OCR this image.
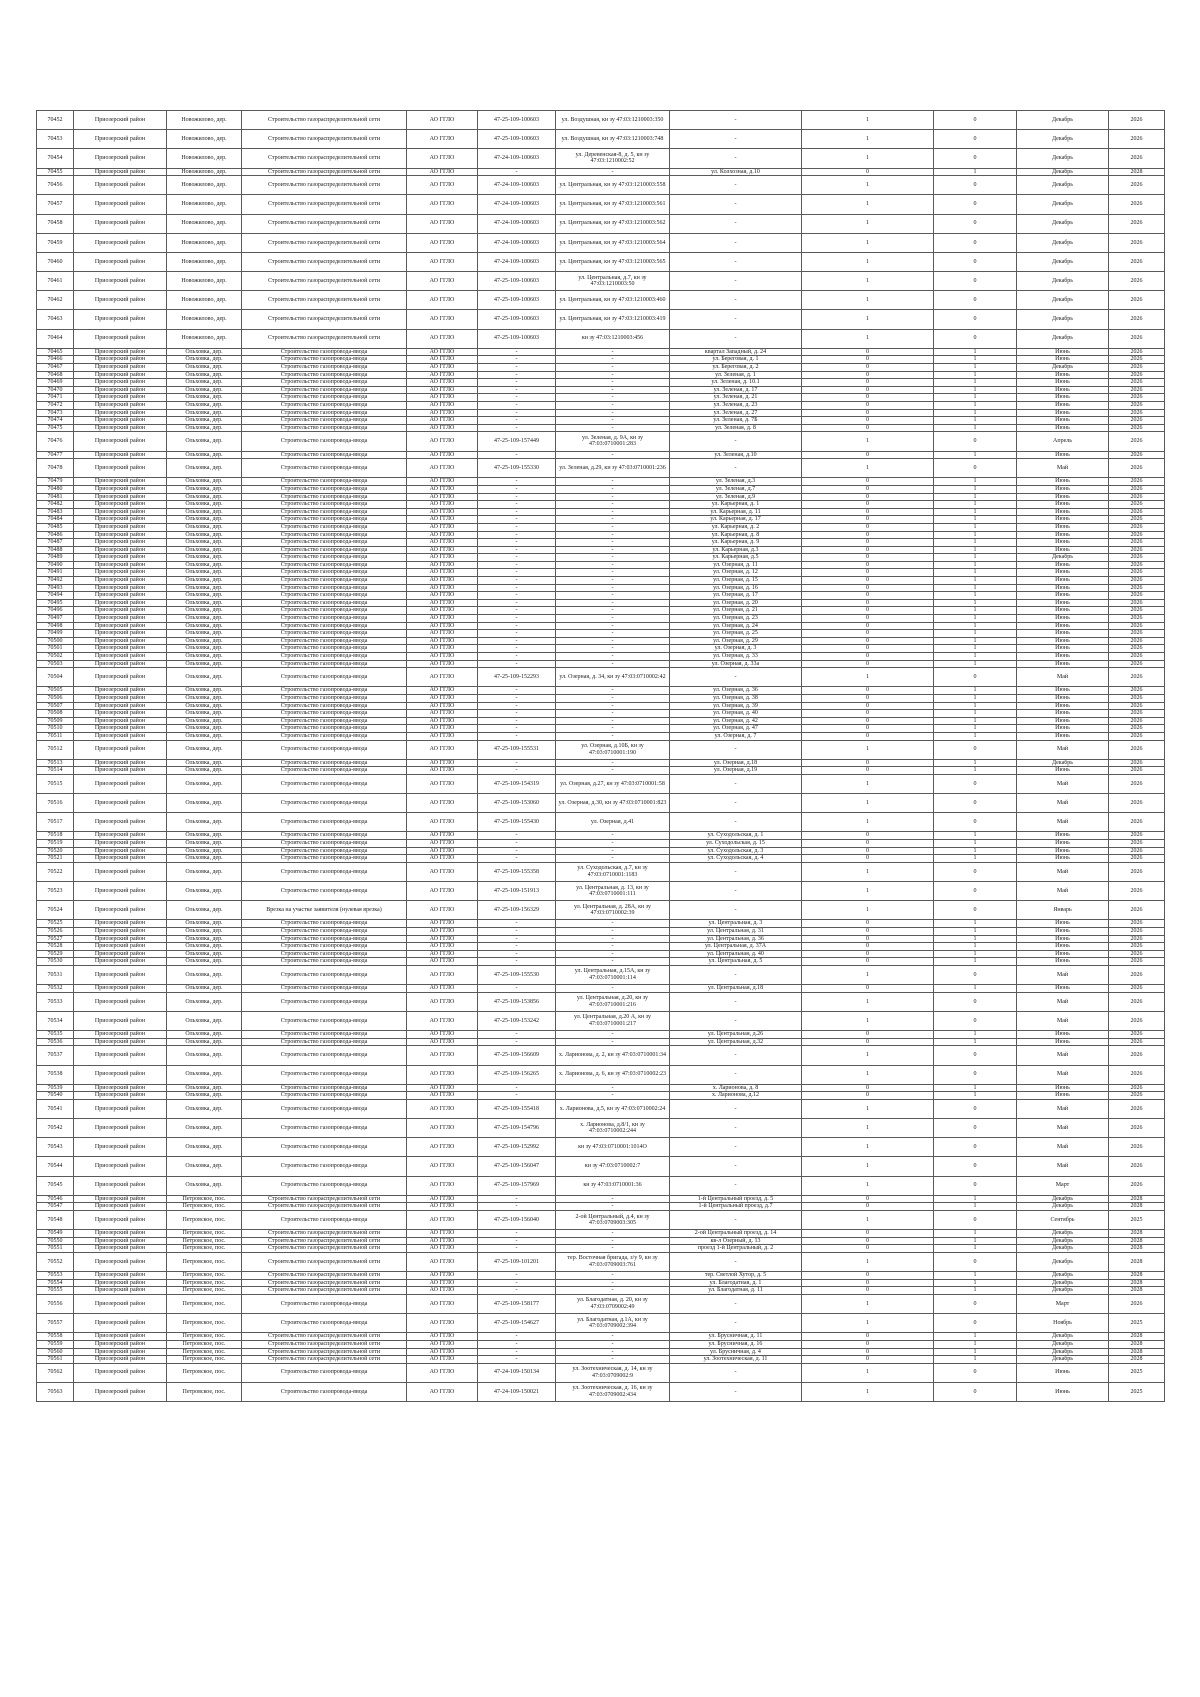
70452	Приозерский район	Новожилово, дер.	Строительство газораспределительной сети	АО ГГЛО	47-25-109-100603	ул. Воздушная, кн зу 47:03:1210003:350	-	1	0	Декабрь	2026
70453	Приозерский район	Новожилово, дер.	Строительство газораспределительной сети	АО ГГЛО	47-25-109-100603	ул. Воздушная, кн зу 47:03:1210003:748	-	1	0	Декабрь	2026
70454	Приозерский район	Новожилово, дер.	Строительство газораспределительной сети	АО ГГЛО	47-24-109-100603	ул. Деревенская-8, д. 5, кн зу 47:03:1210002:52	-	1	0	Декабрь	2026
70455	Приозерский район	Новожилово, дер.	Строительство газораспределительной сети	АО ГГЛО	-	-	ул. Колхозная, д.10	0	1	Декабрь	2028
70456	Приозерский район	Новожилово, дер.	Строительство газораспределительной сети	АО ГГЛО	47-24-109-100603	ул. Центральная, кн зу 47:03:1210003:558	-	1	0	Декабрь	2026
70457	Приозерский район	Новожилово, дер.	Строительство газораспределительной сети	АО ГГЛО	47-24-109-100603	ул. Центральная, кн зу 47:03:1210003:561	-	1	0	Декабрь	2026
70458	Приозерский район	Новожилово, дер.	Строительство газораспределительной сети	АО ГГЛО	47-24-109-100603	ул. Центральная, кн зу 47:03:1210003:562	-	1	0	Декабрь	2026
70459	Приозерский район	Новожилово, дер.	Строительство газораспределительной сети	АО ГГЛО	47-24-109-100603	ул. Центральная, кн зу 47:03:1210003:564	-	1	0	Декабрь	2026
70460	Приозерский район	Новожилово, дер.	Строительство газораспределительной сети	АО ГГЛО	47-24-109-100603	ул. Центральная, кн зу 47:03:1210003:565	-	1	0	Декабрь	2026
70461	Приозерский район	Новожилово, дер.	Строительство газораспределительной сети	АО ГГЛО	47-25-109-100603	ул. Центральная, д.7, кн зу 47:03:1210003:50	-	1	0	Декабрь	2026
70462	Приозерский район	Новожилово, дер.	Строительство газораспределительной сети	АО ГГЛО	47-25-109-100603	ул. Центральная, кн зу 47:03:1210003:460	-	1	0	Декабрь	2026
70463	Приозерский район	Новожилово, дер.	Строительство газораспределительной сети	АО ГГЛО	47-25-109-100603	ул. Центральная, кн зу 47:03:1210003:419	-	1	0	Декабрь	2026
70464	Приозерский район	Новожилово, дер.	Строительство газораспределительной сети	АО ГГЛО	47-25-109-100603	кн зу 47:03:1210003:456	-	1	0	Декабрь	2026
70465	Приозерский район	Ольховка, дер.	Строительство газопровода-ввода	АО ГГЛО	-	-	квартал Западный, д. 24	0	1	Июнь	2026
70466	Приозерский район	Ольховка, дер.	Строительство газопровода-ввода	АО ГГЛО	-	-	ул. Береговая, д. 1	0	1	Июнь	2026
70467	Приозерский район	Ольховка, дер.	Строительство газопровода-ввода	АО ГГЛО	-	-	ул. Береговая, д. 2	0	1	Декабрь	2026
70468	Приозерский район	Ольховка, дер.	Строительство газопровода-ввода	АО ГГЛО	-	-	ул. Зеленая, д. 1	0	1	Июнь	2026
70469	Приозерский район	Ольховка, дер.	Строительство газопровода-ввода	АО ГГЛО	-	-	ул. Зеленая, д. 10.1	0	1	Июнь	2026
70470	Приозерский район	Ольховка, дер.	Строительство газопровода-ввода	АО ГГЛО	-	-	ул. Зеленая, д. 17	0	1	Июнь	2026
70471	Приозерский район	Ольховка, дер.	Строительство газопровода-ввода	АО ГГЛО	-	-	ул. Зеленая, д. 21	0	1	Июнь	2026
70472	Приозерский район	Ольховка, дер.	Строительство газопровода-ввода	АО ГГЛО	-	-	ул. Зеленая, д. 23	0	1	Июнь	2026
70473	Приозерский район	Ольховка, дер.	Строительство газопровода-ввода	АО ГГЛО	-	-	ул. Зеленая, д. 27	0	1	Июнь	2026
70474	Приозерский район	Ольховка, дер.	Строительство газопровода-ввода	АО ГГЛО	-	-	ул. Зеленая, д. 7Б	0	1	Июнь	2026
70475	Приозерский район	Ольховка, дер.	Строительство газопровода-ввода	АО ГГЛО	-	-	ул. Зеленая, д. 8	0	1	Июнь	2026
70476	Приозерский район	Ольховка, дер.	Строительство газопровода-ввода	АО ГГЛО	47-25-109-157449	ул. Зеленая, д. 9А, кн зу 47:03:0710001:283	-	1	0	Апрель	2026
70477	Приозерский район	Ольховка, дер.	Строительство газопровода-ввода	АО ГГЛО	-	-	ул. Зеленая, д.10	0	1	Июнь	2026
70478	Приозерский район	Ольховка, дер.	Строительство газопровода-ввода	АО ГГЛО	47-25-109-155330	ул. Зеленая, д.29, кн зу 47:03:0710001:236	-	1	0	Май	2026
70479	Приозерский район	Ольховка, дер.	Строительство газопровода-ввода	АО ГГЛО	-	-	ул. Зеленая, д.3	0	1	Июнь	2026
70480	Приозерский район	Ольховка, дер.	Строительство газопровода-ввода	АО ГГЛО	-	-	ул. Зеленая, д.7	0	1	Июнь	2026
70481	Приозерский район	Ольховка, дер.	Строительство газопровода-ввода	АО ГГЛО	-	-	ул. Зеленая, д.9	0	1	Июнь	2026
70482	Приозерский район	Ольховка, дер.	Строительство газопровода-ввода	АО ГГЛО	-	-	ул. Карьерная, д. 1	0	1	Июнь	2026
70483	Приозерский район	Ольховка, дер.	Строительство газопровода-ввода	АО ГГЛО	-	-	ул. Карьерная, д. 11	0	1	Июнь	2026
70484	Приозерский район	Ольховка, дер.	Строительство газопровода-ввода	АО ГГЛО	-	-	ул. Карьерная, д. 17	0	1	Июнь	2026
70485	Приозерский район	Ольховка, дер.	Строительство газопровода-ввода	АО ГГЛО	-	-	ул. Карьерная, д. 2	0	1	Июнь	2026
70486	Приозерский район	Ольховка, дер.	Строительство газопровода-ввода	АО ГГЛО	-	-	ул. Карьерная, д. 8	0	1	Июнь	2026
70487	Приозерский район	Ольховка, дер.	Строительство газопровода-ввода	АО ГГЛО	-	-	ул. Карьерная, д. 9	0	1	Июнь	2026
70488	Приозерский район	Ольховка, дер.	Строительство газопровода-ввода	АО ГГЛО	-	-	ул. Карьерная, д.3	0	1	Июнь	2026
70489	Приозерский район	Ольховка, дер.	Строительство газопровода-ввода	АО ГГЛО	-	-	ул. Карьерная, д.5	0	1	Декабрь	2026
70490	Приозерский район	Ольховка, дер.	Строительство газопровода-ввода	АО ГГЛО	-	-	ул. Озерная, д. 11	0	1	Июнь	2026
70491	Приозерский район	Ольховка, дер.	Строительство газопровода-ввода	АО ГГЛО	-	-	ул. Озерная, д. 12	0	1	Июнь	2026
70492	Приозерский район	Ольховка, дер.	Строительство газопровода-ввода	АО ГГЛО	-	-	ул. Озерная, д. 15	0	1	Июнь	2026
70493	Приозерский район	Ольховка, дер.	Строительство газопровода-ввода	АО ГГЛО	-	-	ул. Озерная, д. 16	0	1	Июнь	2026
70494	Приозерский район	Ольховка, дер.	Строительство газопровода-ввода	АО ГГЛО	-	-	ул. Озерная, д. 17	0	1	Июнь	2026
70495	Приозерский район	Ольховка, дер.	Строительство газопровода-ввода	АО ГГЛО	-	-	ул. Озерная, д. 20	0	1	Июнь	2026
70496	Приозерский район	Ольховка, дер.	Строительство газопровода-ввода	АО ГГЛО	-	-	ул. Озерная, д. 21	0	1	Июнь	2026
70497	Приозерский район	Ольховка, дер.	Строительство газопровода-ввода	АО ГГЛО	-	-	ул. Озерная, д. 23	0	1	Июнь	2026
70498	Приозерский район	Ольховка, дер.	Строительство газопровода-ввода	АО ГГЛО	-	-	ул. Озерная, д. 24	0	1	Июнь	2026
70499	Приозерский район	Ольховка, дер.	Строительство газопровода-ввода	АО ГГЛО	-	-	ул. Озерная, д. 25	0	1	Июнь	2026
70500	Приозерский район	Ольховка, дер.	Строительство газопровода-ввода	АО ГГЛО	-	-	ул. Озерная, д. 29	0	1	Июнь	2026
70501	Приозерский район	Ольховка, дер.	Строительство газопровода-ввода	АО ГГЛО	-	-	ул. Озерная, д. 3	0	1	Июнь	2026
70502	Приозерский район	Ольховка, дер.	Строительство газопровода-ввода	АО ГГЛО	-	-	ул. Озерная, д. 33	0	1	Июнь	2026
70503	Приозерский район	Ольховка, дер.	Строительство газопровода-ввода	АО ГГЛО	-	-	ул. Озерная, д. 33а	0	1	Июнь	2026
70504	Приозерский район	Ольховка, дер.	Строительство газопровода-ввода	АО ГГЛО	47-25-109-152293	ул. Озерная, д. 34, кн зу 47:03:0710002:42	-	1	0	Май	2026
70505	Приозерский район	Ольховка, дер.	Строительство газопровода-ввода	АО ГГЛО	-	-	ул. Озерная, д. 36	0	1	Июнь	2026
70506	Приозерский район	Ольховка, дер.	Строительство газопровода-ввода	АО ГГЛО	-	-	ул. Озерная, д. 38	0	1	Июнь	2026
70507	Приозерский район	Ольховка, дер.	Строительство газопровода-ввода	АО ГГЛО	-	-	ул. Озерная, д. 39	0	1	Июнь	2026
70508	Приозерский район	Ольховка, дер.	Строительство газопровода-ввода	АО ГГЛО	-	-	ул. Озерная, д. 40	0	1	Июнь	2026
70509	Приозерский район	Ольховка, дер.	Строительство газопровода-ввода	АО ГГЛО	-	-	ул. Озерная, д. 42	0	1	Июнь	2026
70510	Приозерский район	Ольховка, дер.	Строительство газопровода-ввода	АО ГГЛО	-	-	ул. Озерная, д. 47	0	1	Июнь	2026
70511	Приозерский район	Ольховка, дер.	Строительство газопровода-ввода	АО ГГЛО	-	-	ул. Озерная, д. 7	0	1	Июнь	2026
70512	Приозерский район	Ольховка, дер.	Строительство газопровода-ввода	АО ГГЛО	47-25-109-155531	ул. Озерная, д.10Б, кн зу 47:03:0710001:190	-	1	0	Май	2026
70513	Приозерский район	Ольховка, дер.	Строительство газопровода-ввода	АО ГГЛО	-	-	ул. Озерная, д.18	0	1	Декабрь	2026
70514	Приозерский район	Ольховка, дер.	Строительство газопровода-ввода	АО ГГЛО	-	-	ул. Озерная, д.19	0	1	Июнь	2026
70515	Приозерский район	Ольховка, дер.	Строительство газопровода-ввода	АО ГГЛО	47-25-109-154319	ул. Озерная, д.27, кн зу 47:03:0710001:58	-	1	0	Май	2026
70516	Приозерский район	Ольховка, дер.	Строительство газопровода-ввода	АО ГГЛО	47-25-109-153060	ул. Озерная, д.30, кн зу 47:03:0710001:823	-	1	0	Май	2026
70517	Приозерский район	Ольховка, дер.	Строительство газопровода-ввода	АО ГГЛО	47-25-109-155430	ул. Озерная, д.41	-	1	0	Май	2026
70518	Приозерский район	Ольховка, дер.	Строительство газопровода-ввода	АО ГГЛО	-	-	ул. Суходольская, д. 1	0	1	Июнь	2026
70519	Приозерский район	Ольховка, дер.	Строительство газопровода-ввода	АО ГГЛО	-	-	ул. Суходольская, д. 15	0	1	Июнь	2026
70520	Приозерский район	Ольховка, дер.	Строительство газопровода-ввода	АО ГГЛО	-	-	ул. Суходольская, д. 3	0	1	Июнь	2026
70521	Приозерский район	Ольховка, дер.	Строительство газопровода-ввода	АО ГГЛО	-	-	ул. Суходольская, д. 4	0	1	Июнь	2026
70522	Приозерский район	Ольховка, дер.	Строительство газопровода-ввода	АО ГГЛО	47-25-109-155358	ул. Суходольская, д.7, кн зу 47:03:0710001:1183	-	1	0	Май	2026
70523	Приозерский район	Ольховка, дер.	Строительство газопровода-ввода	АО ГГЛО	47-25-109-151913	ул. Центральная, д. 13, кн зу 47:03:0710001:111	-	1	0	Май	2026
70524	Приозерский район	Ольховка, дер.	Врезка на участке заявителя (нулевая врезка)	АО ГГЛО	47-25-109-156329	ул. Центральная, д. 28А, кн зу 47:03:0710002:39	-	1	0	Январь	2026
70525	Приозерский район	Ольховка, дер.	Строительство газопровода-ввода	АО ГГЛО	-	-	ул. Центральная, д. 3	0	1	Июнь	2026
70526	Приозерский район	Ольховка, дер.	Строительство газопровода-ввода	АО ГГЛО	-	-	ул. Центральная, д. 31	0	1	Июнь	2026
70527	Приозерский район	Ольховка, дер.	Строительство газопровода-ввода	АО ГГЛО	-	-	ул. Центральная, д. 36	0	1	Июнь	2026
70528	Приозерский район	Ольховка, дер.	Строительство газопровода-ввода	АО ГГЛО	-	-	ул. Центральная, д. 37А	0	1	Июнь	2026
70529	Приозерский район	Ольховка, дер.	Строительство газопровода-ввода	АО ГГЛО	-	-	ул. Центральная, д. 40	0	1	Июнь	2026
70530	Приозерский район	Ольховка, дер.	Строительство газопровода-ввода	АО ГГЛО	-	-	ул. Центральная, д. 5	0	1	Июнь	2026
70531	Приозерский район	Ольховка, дер.	Строительство газопровода-ввода	АО ГГЛО	47-25-109-155530	ул. Центральная, д.15А, кн зу 47:03:0710001:114	-	1	0	Май	2026
70532	Приозерский район	Ольховка, дер.	Строительство газопровода-ввода	АО ГГЛО	-	-	ул. Центральная, д.18	0	1	Июнь	2026
70533	Приозерский район	Ольховка, дер.	Строительство газопровода-ввода	АО ГГЛО	47-25-109-153856	ул. Центральная, д.20, кн зу 47:03:0710001:216	-	1	0	Май	2026
70534	Приозерский район	Ольховка, дер.	Строительство газопровода-ввода	АО ГГЛО	47-25-109-153242	ул. Центральная, д.20 А, кн зу 47:03:0710001:217	-	1	0	Май	2026
70535	Приозерский район	Ольховка, дер.	Строительство газопровода-ввода	АО ГГЛО	-	-	ул. Центральная, д.26	0	1	Июнь	2026
70536	Приозерский район	Ольховка, дер.	Строительство газопровода-ввода	АО ГГЛО	-	-	ул. Центральная, д.32	0	1	Июнь	2026
70537	Приозерский район	Ольховка, дер.	Строительство газопровода-ввода	АО ГГЛО	47-25-109-156609	х. Ларионова, д. 2, кн зу 47:03:0710001:34	-	1	0	Май	2026
70538	Приозерский район	Ольховка, дер.	Строительство газопровода-ввода	АО ГГЛО	47-25-109-156265	х. Ларионова, д. 6, кн зу 47:03:0710002:23	-	1	0	Май	2026
70539	Приозерский район	Ольховка, дер.	Строительство газопровода-ввода	АО ГГЛО	-	-	х. Ларионова, д. 8	0	1	Июнь	2026
70540	Приозерский район	Ольховка, дер.	Строительство газопровода-ввода	АО ГГЛО	-	-	х. Ларионова, д.12	0	1	Июнь	2026
70541	Приозерский район	Ольховка, дер.	Строительство газопровода-ввода	АО ГГЛО	47-25-109-155418	х. Ларионова, д.5, кн зу 47:03:0710002:24	-	1	0	Май	2026
70542	Приозерский район	Ольховка, дер.	Строительство газопровода-ввода	АО ГГЛО	47-25-109-154796	х. Ларионова, д.8/1, кн зу 47:03:0710002:244	-	1	0	Май	2026
70543	Приозерский район	Ольховка, дер.	Строительство газопровода-ввода	АО ГГЛО	47-25-109-152992	кн зу 47:03:0710001:1014О	-	1	0	Май	2026
70544	Приозерский район	Ольховка, дер.	Строительство газопровода-ввода	АО ГГЛО	47-25-109-156047	кн зу 47:03:0710002:7	-	1	0	Май	2026
70545	Приозерский район	Ольховка, дер.	Строительство газопровода-ввода	АО ГГЛО	47-25-109-157969	кн зу 47:03:0710001:36	-	1	0	Март	2026
70546	Приозерский район	Петровское, пос.	Строительство газораспределительной сети	АО ГГЛО	-	-	1-й Центральный проезд, д. 5	0	1	Декабрь	2028
70547	Приозерский район	Петровское, пос.	Строительство газораспределительной сети	АО ГГЛО	-	-	1-й Центральный проезд, д.7	0	1	Декабрь	2028
70548	Приозерский район	Петровское, пос.	Строительство газопровода-ввода	АО ГГЛО	47-25-109-156040	2-ой Центральный, д.4, кн зу 47:03:0709003:305	-	1	0	Сентябрь	2025
70549	Приозерский район	Петровское, пос.	Строительство газораспределительной сети	АО ГГЛО	-	-	2-ой Центральный проезд, д. 14	0	1	Декабрь	2028
70550	Приозерский район	Петровское, пос.	Строительство газораспределительной сети	АО ГГЛО	-	-	кв-л Озерный, д. 13	0	1	Декабрь	2028
70551	Приозерский район	Петровское, пос.	Строительство газораспределительной сети	АО ГГЛО	-	-	проезд 1-й Центральный, д. 2	0	1	Декабрь	2028
70552	Приозерский район	Петровское, пос.	Строительство газораспределительной сети	АО ГГЛО	47-25-109-101201	тер. Восточная бригада, з/у 9, кн зу 47:03:0709003:761	-	1	0	Декабрь	2028
70553	Приозерский район	Петровское, пос.	Строительство газораспределительной сети	АО ГГЛО	-	-	тер. Светлой Хутор, д. 5	0	1	Декабрь	2028
70554	Приозерский район	Петровское, пос.	Строительство газораспределительной сети	АО ГГЛО	-	-	ул. Благодатная, д. 1	0	1	Декабрь	2028
70555	Приозерский район	Петровское, пос.	Строительство газораспределительной сети	АО ГГЛО	-	-	ул. Благодатная, д. 11	0	1	Декабрь	2028
70556	Приозерский район	Петровское, пос.	Строительство газопровода-ввода	АО ГГЛО	47-25-109-158177	ул. Благодатная, д. 20, кн зу 47:03:0709002:49	-	1	0	Март	2026
70557	Приозерский район	Петровское, пос.	Строительство газопровода-ввода	АО ГГЛО	47-25-109-154627	ул. Благодатная, д.1А, кн зу 47:03:0709002:394	-	1	0	Ноябрь	2025
70558	Приозерский район	Петровское, пос.	Строительство газораспределительной сети	АО ГГЛО	-	-	ул. Брусничная, д. 11	0	1	Декабрь	2028
70559	Приозерский район	Петровское, пос.	Строительство газораспределительной сети	АО ГГЛО	-	-	ул. Брусничная, д. 16	0	1	Декабрь	2028
70560	Приозерский район	Петровское, пос.	Строительство газораспределительной сети	АО ГГЛО	-	-	ул. Брусничная, д. 4	0	1	Декабрь	2028
70561	Приозерский район	Петровское, пос.	Строительство газораспределительной сети	АО ГГЛО	-	-	ул. Зоотехническая, д. 11	0	1	Декабрь	2028
70562	Приозерский район	Петровское, пос.	Строительство газопровода-ввода	АО ГГЛО	47-24-109-150134	ул. Зоотехническая, д. 14, кн зу 47:03:0709002:9	-	1	0	Июнь	2025
70563	Приозерский район	Петровское, пос.	Строительство газопровода-ввода	АО ГГЛО	47-24-109-150021	ул. Зоотехническая, д. 16, кн зу 47:03:0709002:434	-	1	0	Июнь	2025
